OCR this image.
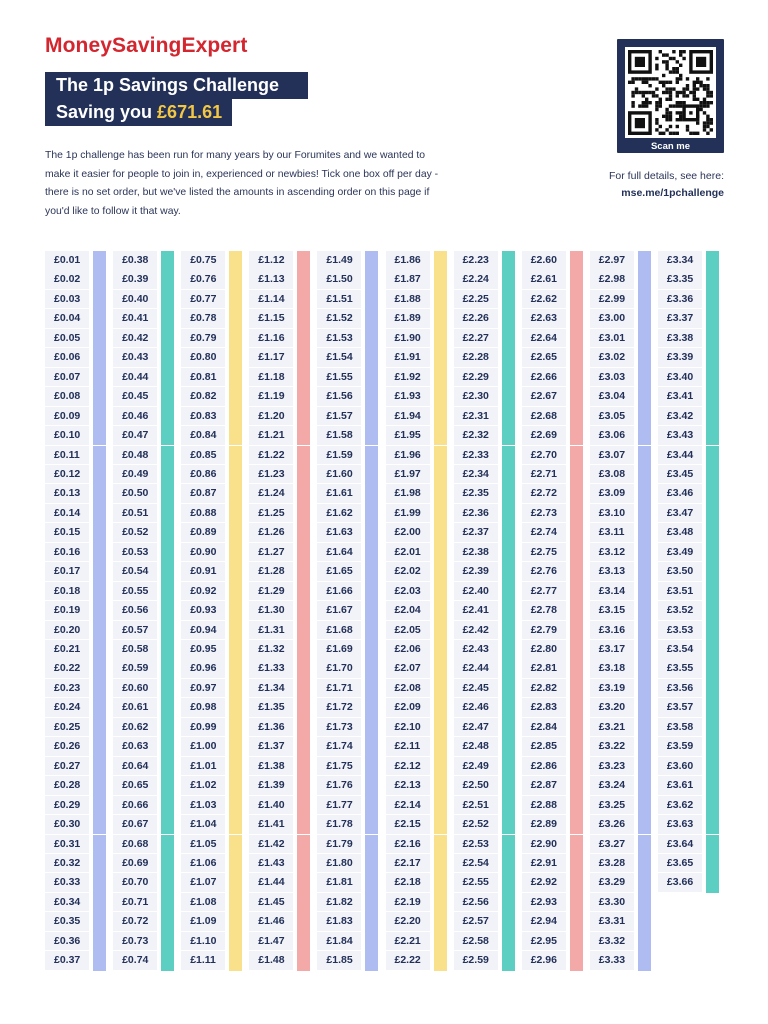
MoneySavingExpert
The 1p Savings Challenge
Saving you £671.61
The 1p challenge has been run for many years by our Forumites and we wanted to make it easier for people to join in, experienced or newbies! Tick one box off per day - there is no set order, but we've listed the amounts in ascending order on this page if you'd like to follow it that way.
Scan me
For full details, see here:
mse.me/1pchallenge
£0.01
£0.02
£0.03
£0.04
£0.05
£0.06
£0.07
£0.08
£0.09
£0.10
£0.11
£0.12
£0.13
£0.14
£0.15
£0.16
£0.17
£0.18
£0.19
£0.20
£0.21
£0.22
£0.23
£0.24
£0.25
£0.26
£0.27
£0.28
£0.29
£0.30
£0.31
£0.32
£0.33
£0.34
£0.35
£0.36
£0.37
£0.38
£0.39
£0.40
£0.41
£0.42
£0.43
£0.44
£0.45
£0.46
£0.47
£0.48
£0.49
£0.50
£0.51
£0.52
£0.53
£0.54
£0.55
£0.56
£0.57
£0.58
£0.59
£0.60
£0.61
£0.62
£0.63
£0.64
£0.65
£0.66
£0.67
£0.68
£0.69
£0.70
£0.71
£0.72
£0.73
£0.74
£0.75
£0.76
£0.77
£0.78
£0.79
£0.80
£0.81
£0.82
£0.83
£0.84
£0.85
£0.86
£0.87
£0.88
£0.89
£0.90
£0.91
£0.92
£0.93
£0.94
£0.95
£0.96
£0.97
£0.98
£0.99
£1.00
£1.01
£1.02
£1.03
£1.04
£1.05
£1.06
£1.07
£1.08
£1.09
£1.10
£1.11
£1.12
£1.13
£1.14
£1.15
£1.16
£1.17
£1.18
£1.19
£1.20
£1.21
£1.22
£1.23
£1.24
£1.25
£1.26
£1.27
£1.28
£1.29
£1.30
£1.31
£1.32
£1.33
£1.34
£1.35
£1.36
£1.37
£1.38
£1.39
£1.40
£1.41
£1.42
£1.43
£1.44
£1.45
£1.46
£1.47
£1.48
£1.49
£1.50
£1.51
£1.52
£1.53
£1.54
£1.55
£1.56
£1.57
£1.58
£1.59
£1.60
£1.61
£1.62
£1.63
£1.64
£1.65
£1.66
£1.67
£1.68
£1.69
£1.70
£1.71
£1.72
£1.73
£1.74
£1.75
£1.76
£1.77
£1.78
£1.79
£1.80
£1.81
£1.82
£1.83
£1.84
£1.85
£1.86
£1.87
£1.88
£1.89
£1.90
£1.91
£1.92
£1.93
£1.94
£1.95
£1.96
£1.97
£1.98
£1.99
£2.00
£2.01
£2.02
£2.03
£2.04
£2.05
£2.06
£2.07
£2.08
£2.09
£2.10
£2.11
£2.12
£2.13
£2.14
£2.15
£2.16
£2.17
£2.18
£2.19
£2.20
£2.21
£2.22
£2.23
£2.24
£2.25
£2.26
£2.27
£2.28
£2.29
£2.30
£2.31
£2.32
£2.33
£2.34
£2.35
£2.36
£2.37
£2.38
£2.39
£2.40
£2.41
£2.42
£2.43
£2.44
£2.45
£2.46
£2.47
£2.48
£2.49
£2.50
£2.51
£2.52
£2.53
£2.54
£2.55
£2.56
£2.57
£2.58
£2.59
£2.60
£2.61
£2.62
£2.63
£2.64
£2.65
£2.66
£2.67
£2.68
£2.69
£2.70
£2.71
£2.72
£2.73
£2.74
£2.75
£2.76
£2.77
£2.78
£2.79
£2.80
£2.81
£2.82
£2.83
£2.84
£2.85
£2.86
£2.87
£2.88
£2.89
£2.90
£2.91
£2.92
£2.93
£2.94
£2.95
£2.96
£2.97
£2.98
£2.99
£3.00
£3.01
£3.02
£3.03
£3.04
£3.05
£3.06
£3.07
£3.08
£3.09
£3.10
£3.11
£3.12
£3.13
£3.14
£3.15
£3.16
£3.17
£3.18
£3.19
£3.20
£3.21
£3.22
£3.23
£3.24
£3.25
£3.26
£3.27
£3.28
£3.29
£3.30
£3.31
£3.32
£3.33
£3.34
£3.35
£3.36
£3.37
£3.38
£3.39
£3.40
£3.41
£3.42
£3.43
£3.44
£3.45
£3.46
£3.47
£3.48
£3.49
£3.50
£3.51
£3.52
£3.53
£3.54
£3.55
£3.56
£3.57
£3.58
£3.59
£3.60
£3.61
£3.62
£3.63
£3.64
£3.65
£3.66
